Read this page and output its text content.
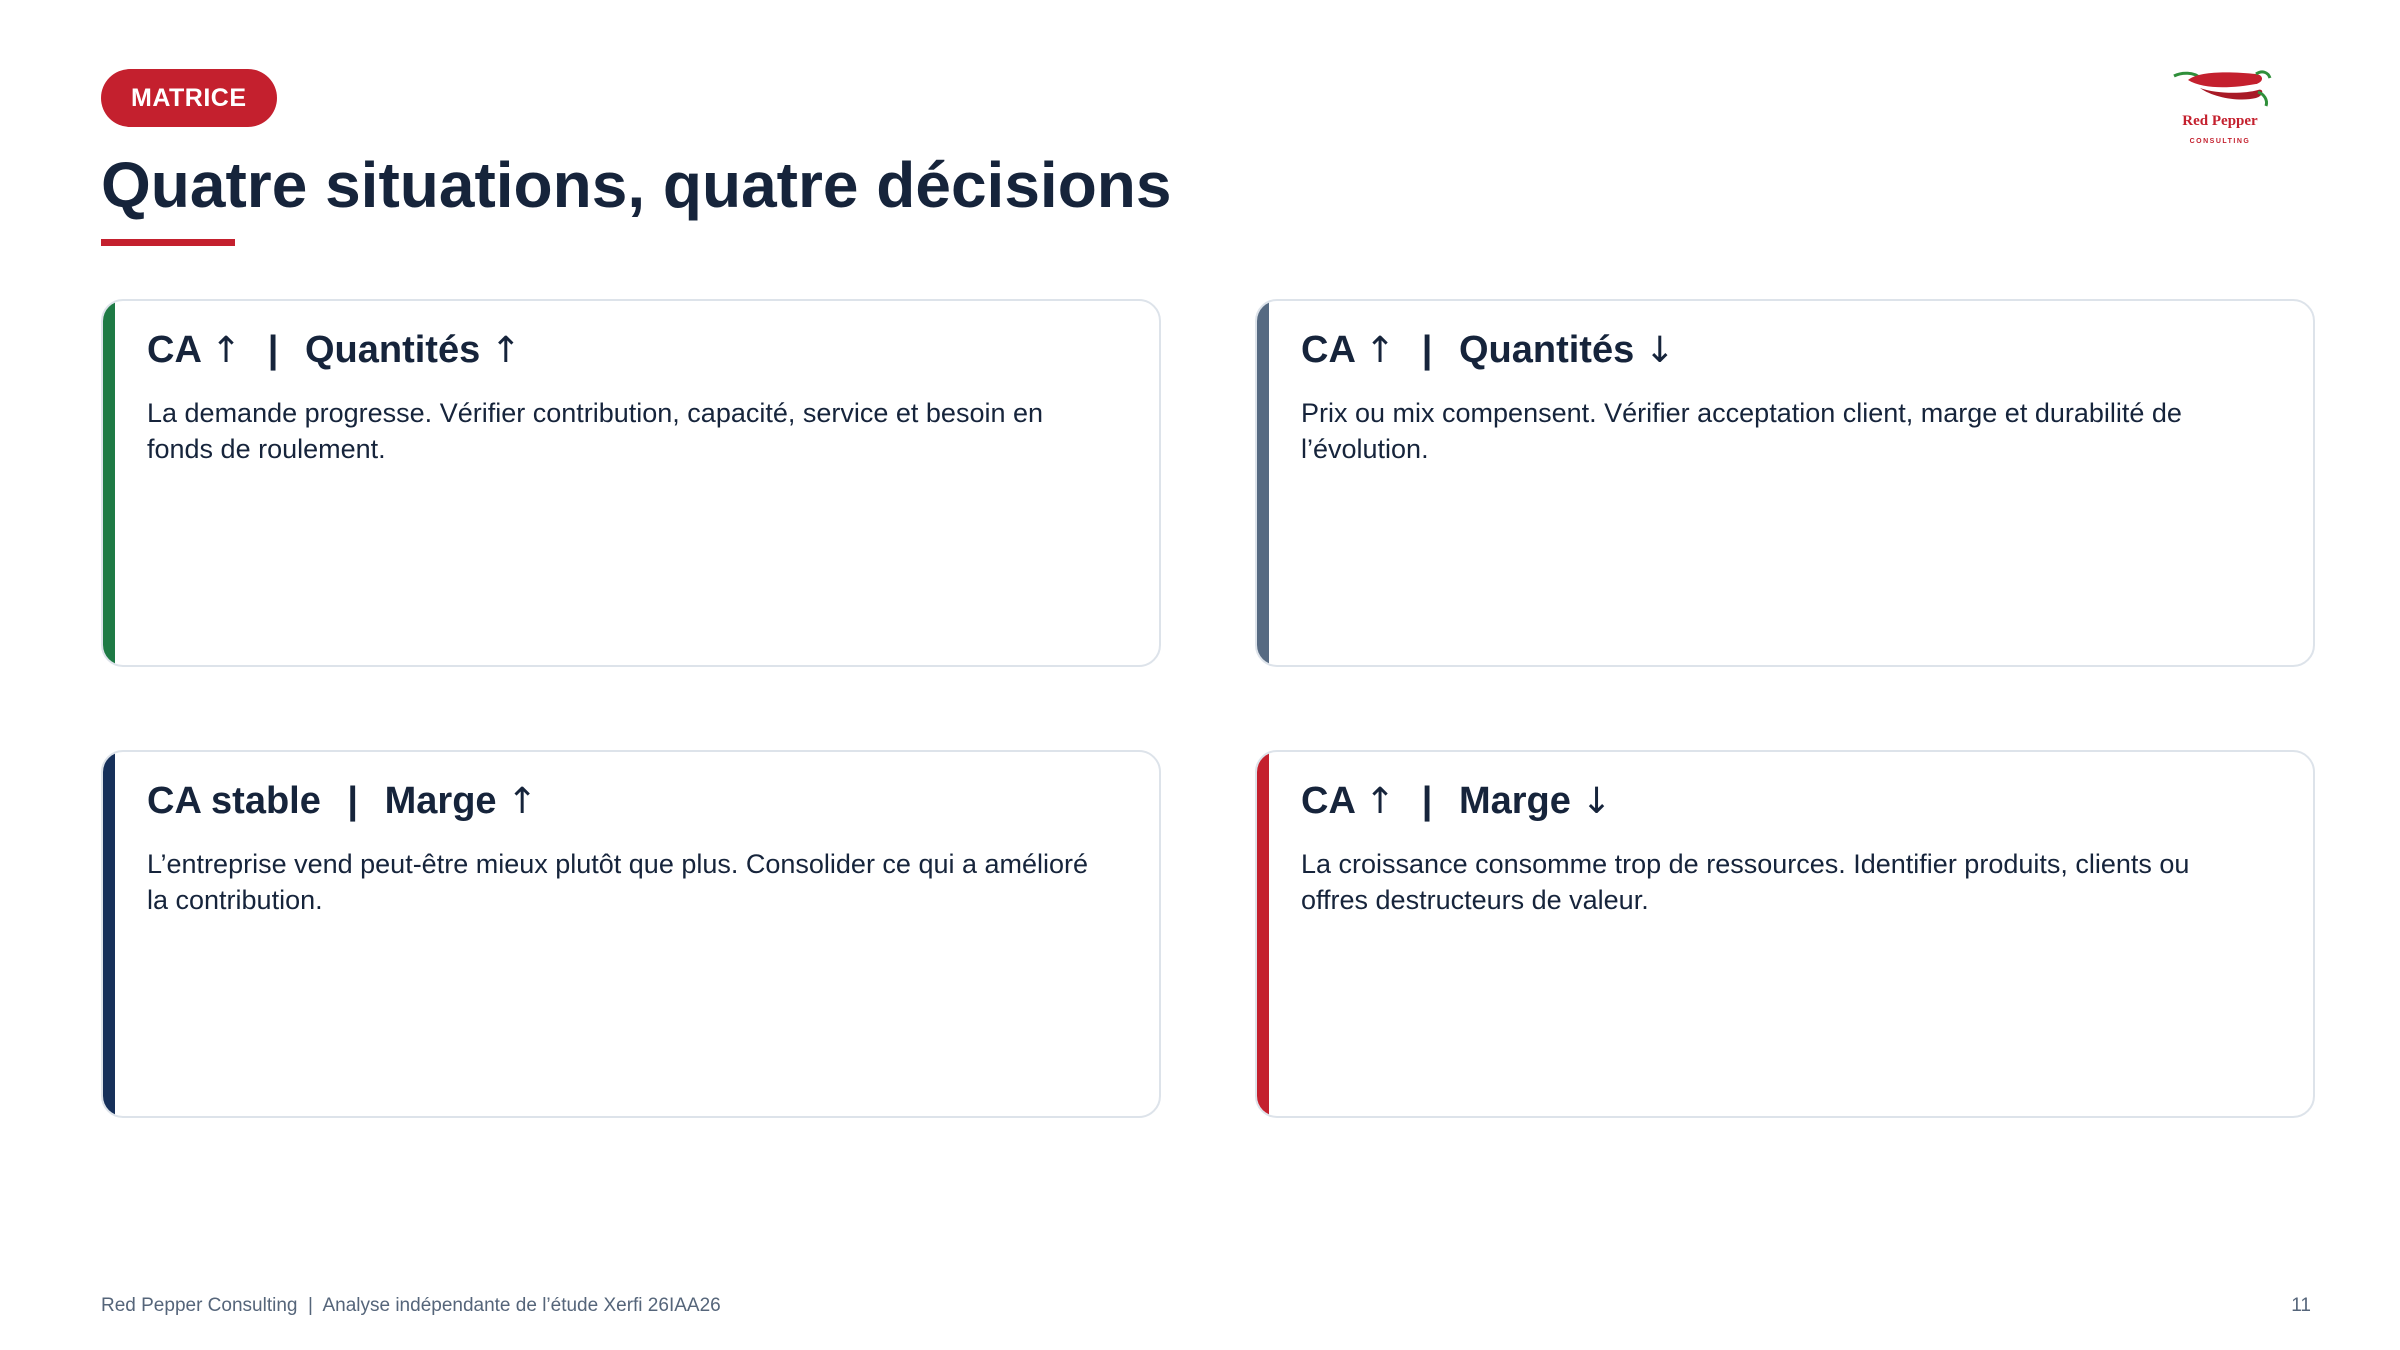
MATRICE
Quatre situations, quatre décisions
Red Pepper
CONSULTING
CA ↑ | Quantités ↑

La demande progresse. Vérifier contribution, capacité, service et besoin en fonds de roulement.

CA ↑ | Quantités ↓

Prix ou mix compensent. Vérifier acceptation client, marge et durabilité de l’évolution.

CA stable | Marge ↑

L’entreprise vend peut-être mieux plutôt que plus. Consolider ce qui a amélioré la contribution.

CA ↑ | Marge ↓

La croissance consomme trop de ressources. Identifier produits, clients ou offres destructeurs de valeur.

Red Pepper Consulting  |  Analyse indépendante de l’étude Xerfi 26IAA26	11
